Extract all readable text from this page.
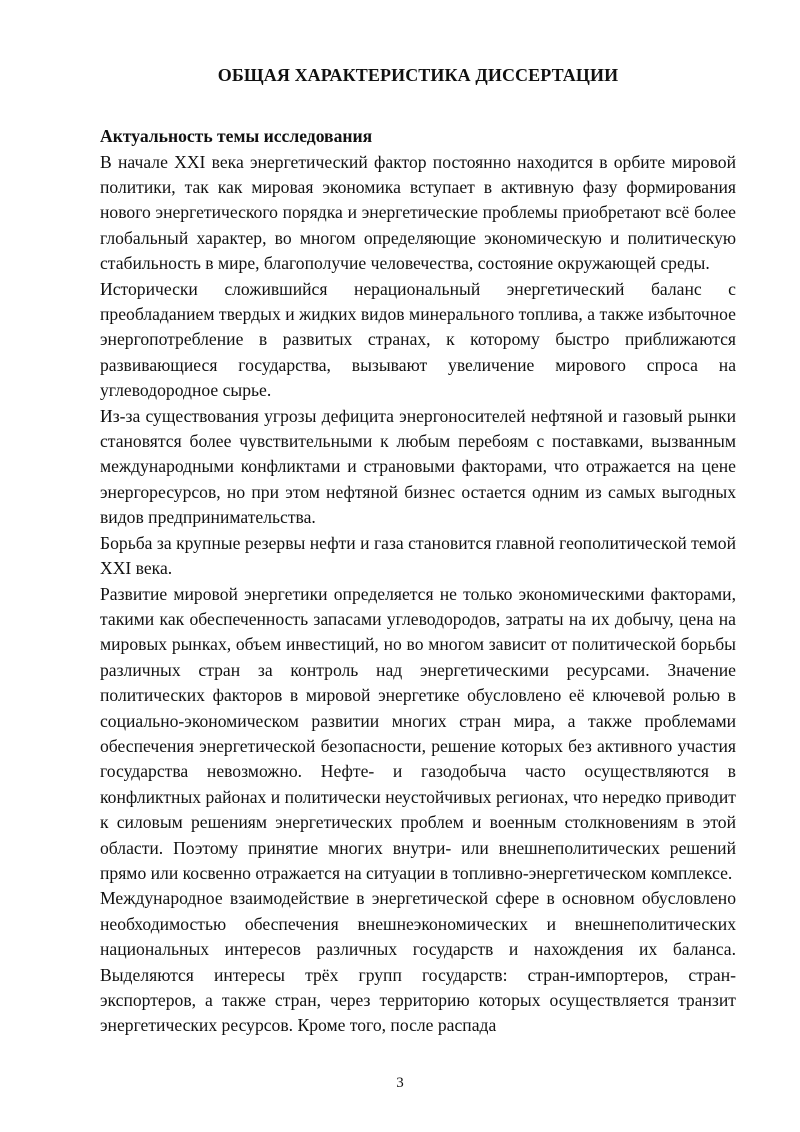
ОБЩАЯ ХАРАКТЕРИСТИКА ДИССЕРТАЦИИ
Актуальность темы исследования

В начале XXI века энергетический фактор постоянно находится в орбите мировой политики, так как мировая экономика вступает в активную фазу формирования нового энергетического порядка и энергетические проблемы приобретают всё более глобальный характер, во многом определяющие экономическую и политическую стабильность в мире, благополучие человечества, состояние окружающей среды.

Исторически сложившийся нерациональный энергетический баланс с преобладанием твердых и жидких видов минерального топлива, а также избыточное энергопотребление в развитых странах, к которому быстро приближаются развивающиеся государства, вызывают увеличение мирового спроса на углеводородное сырье.

Из-за существования угрозы дефицита энергоносителей нефтяной и газовый рынки становятся более чувствительными к любым перебоям с поставками, вызванным международными конфликтами и страновыми факторами, что отражается на цене энергоресурсов, но при этом нефтяной бизнес остается одним из самых выгодных видов предпринимательства.

Борьба за крупные резервы нефти и газа становится главной геополитической темой XXI века.

Развитие мировой энергетики определяется не только экономическими факторами, такими как обеспеченность запасами углеводородов, затраты на их добычу, цена на мировых рынках, объем инвестиций, но во многом зависит от политической борьбы различных стран за контроль над энергетическими ресурсами. Значение политических факторов в мировой энергетике обусловлено её ключевой ролью в социально-экономическом развитии многих стран мира, а также проблемами обеспечения энергетической безопасности, решение которых без активного участия государства невозможно. Нефте- и газодобыча часто осуществляются в конфликтных районах и политически неустойчивых регионах, что нередко приводит к силовым решениям энергетических проблем и военным столкновениям в этой области. Поэтому принятие многих внутри- или внешнеполитических решений прямо или косвенно отражается на ситуации в топливно-энергетическом комплексе.

Международное взаимодействие в энергетической сфере в основном обусловлено необходимостью обеспечения внешнеэкономических и внешнеполитических национальных интересов различных государств и нахождения их баланса. Выделяются интересы трёх групп государств: стран-импортеров, стран-экспортеров, а также стран, через территорию которых осуществляется транзит энергетических ресурсов. Кроме того, после распада

3
